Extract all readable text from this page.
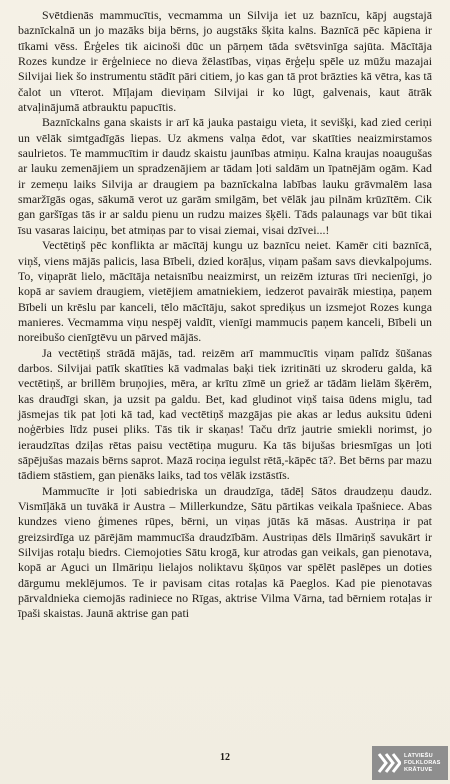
Svētdienās mammucītis, vecmamma un Silvija iet uz baznīcu, kāpj augstajā baznīckalnā un jo mazāks bija bērns, jo augstāks šķita kalns. Baznīcā pēc kāpiena ir tīkami vēss. Ērģeles tik aicinoši dūc un pārņem tāda svētsvinīga sajūta. Mācītāja Rozes kundze ir ērģelniece no dieva žēlastības, viņas ērģeļu spēle uz mūžu mazajai Silvijai liek šo instrumentu stādīt pāri citiem, jo kas gan tā prot brāzties kā vētra, kas tā čalot un vīterot. Mīļajam dieviņam Silvijai ir ko lūgt, galvenais, kaut ātrāk atvaļinājumā atbrauktu papucītis.

Baznīckalns gana skaists ir arī kā jauka pastaigu vieta, it sevišķi, kad zied ceriņi un vēlāk simtgadīgās liepas. Uz akmens valņa ēdot, var skatīties neaizmirstamos saulrietos. Te mammucītim ir daudz skaistu jaunības atmiņu. Kalna kraujas noaugušas ar lauku zemenājiem un spradzenājiem ar tādam ļoti saldām un īpatnējām ogām. Kad ir zemeņu laiks Silvija ar draugiem pa baznīckalna labības lauku grāvmalēm lasa smaržīgās ogas, sākumā verot uz garām smilgām, bet vēlāk jau pilnām krūzītēm. Cik gan garšīgas tās ir ar saldu pienu un rudzu maizes šķēli. Tāds palaunags var būt tikai īsu vasaras laiciņu, bet atmiņas par to visai ziemai, visai dzīvei...!

Vectētiņš pēc konflikta ar mācītāj kungu uz baznīcu neiet. Kamēr citi baznīcā, viņš, viens mājās palicis, lasa Bībeli, dzied korāļus, viņam pašam savs dievkalpojums. To, viņaprāt lielo, mācītāja netaisnību neaizmirst, un reizēm izturas tīri necienīgi, jo kopā ar saviem draugiem, vietējiem amatniekiem, iedzerot pavairāk miestiņa, paņem Bībeli un krēslu par kanceli, tēlo mācītāju, sakot sprediķus un izsmejot Rozes kunga manieres. Vecmamma viņu nespēj valdīt, vienīgi mammucis paņem kanceli, Bībeli un noreibušo cienīgtēvu un pārved mājās.

Ja vectētiņš strādā mājās, tad. reizēm arī mammucītis viņam palīdz šūšanas darbos. Silvijai patīk skatīties kā vadmalas baķi tiek izritināti uz skroderu galda, kā vectētiņš, ar brillēm bruņojies, mēra, ar krītu zīmē un griež ar tādām lielām šķērēm, kas draudīgi skan, ja uzsit pa galdu. Bet, kad gludinot viņš taisa ūdens miglu, tad jāsmejas tik pat ļoti kā tad, kad vectētiņš mazgājas pie akas ar ledus auksitu ūdeni noģērbies līdz pusei pliks. Tās tik ir skaņas! Taču drīz jautrie smiekli norimst, jo ieraudzītas dziļas rētas paisu vectētiņa muguru. Ka tās bijušas briesmīgas un ļoti sāpējušas mazais bērns saprot. Mazā rociņa iegulst rētā,-kāpēc tā?. Bet bērns par mazu tādiem stāstiem, gan pienāks laiks, tad tos vēlāk izstāstīs.

Mammucīte ir ļoti sabiedriska un draudzīga, tādēļ Sātos draudzeņu daudz. Vismīļākā un tuvākā ir Austra – Millerkundze, Sātu pārtikas veikala īpašniece. Abas kundzes vieno ģimenes rūpes, bērni, un viņas jūtās kā māsas. Austriņa ir pat greizsirdīga uz pārējām mammucīša draudzībām. Austriņas dēls Ilmāriņš savukārt ir Silvijas rotaļu biedrs. Ciemojoties Sātu krogā, kur atrodas gan veikals, gan pienotava, kopā ar Aguci un Ilmāriņu lielajos noliktavu šķūņos var spēlēt paslēpes un doties dārgumu meklējumos. Te ir pavisam citas rotaļas kā Paeglos. Kad pie pienotavas pārvaldnieka ciemojās radiniece no Rīgas, aktrise Vilma Vārna, tad bērniem rotaļas ir īpaši skaistas. Jaunā aktrise gan pati

12	LATVIEŠU
FOLKLORAS
KRĀTUVE
